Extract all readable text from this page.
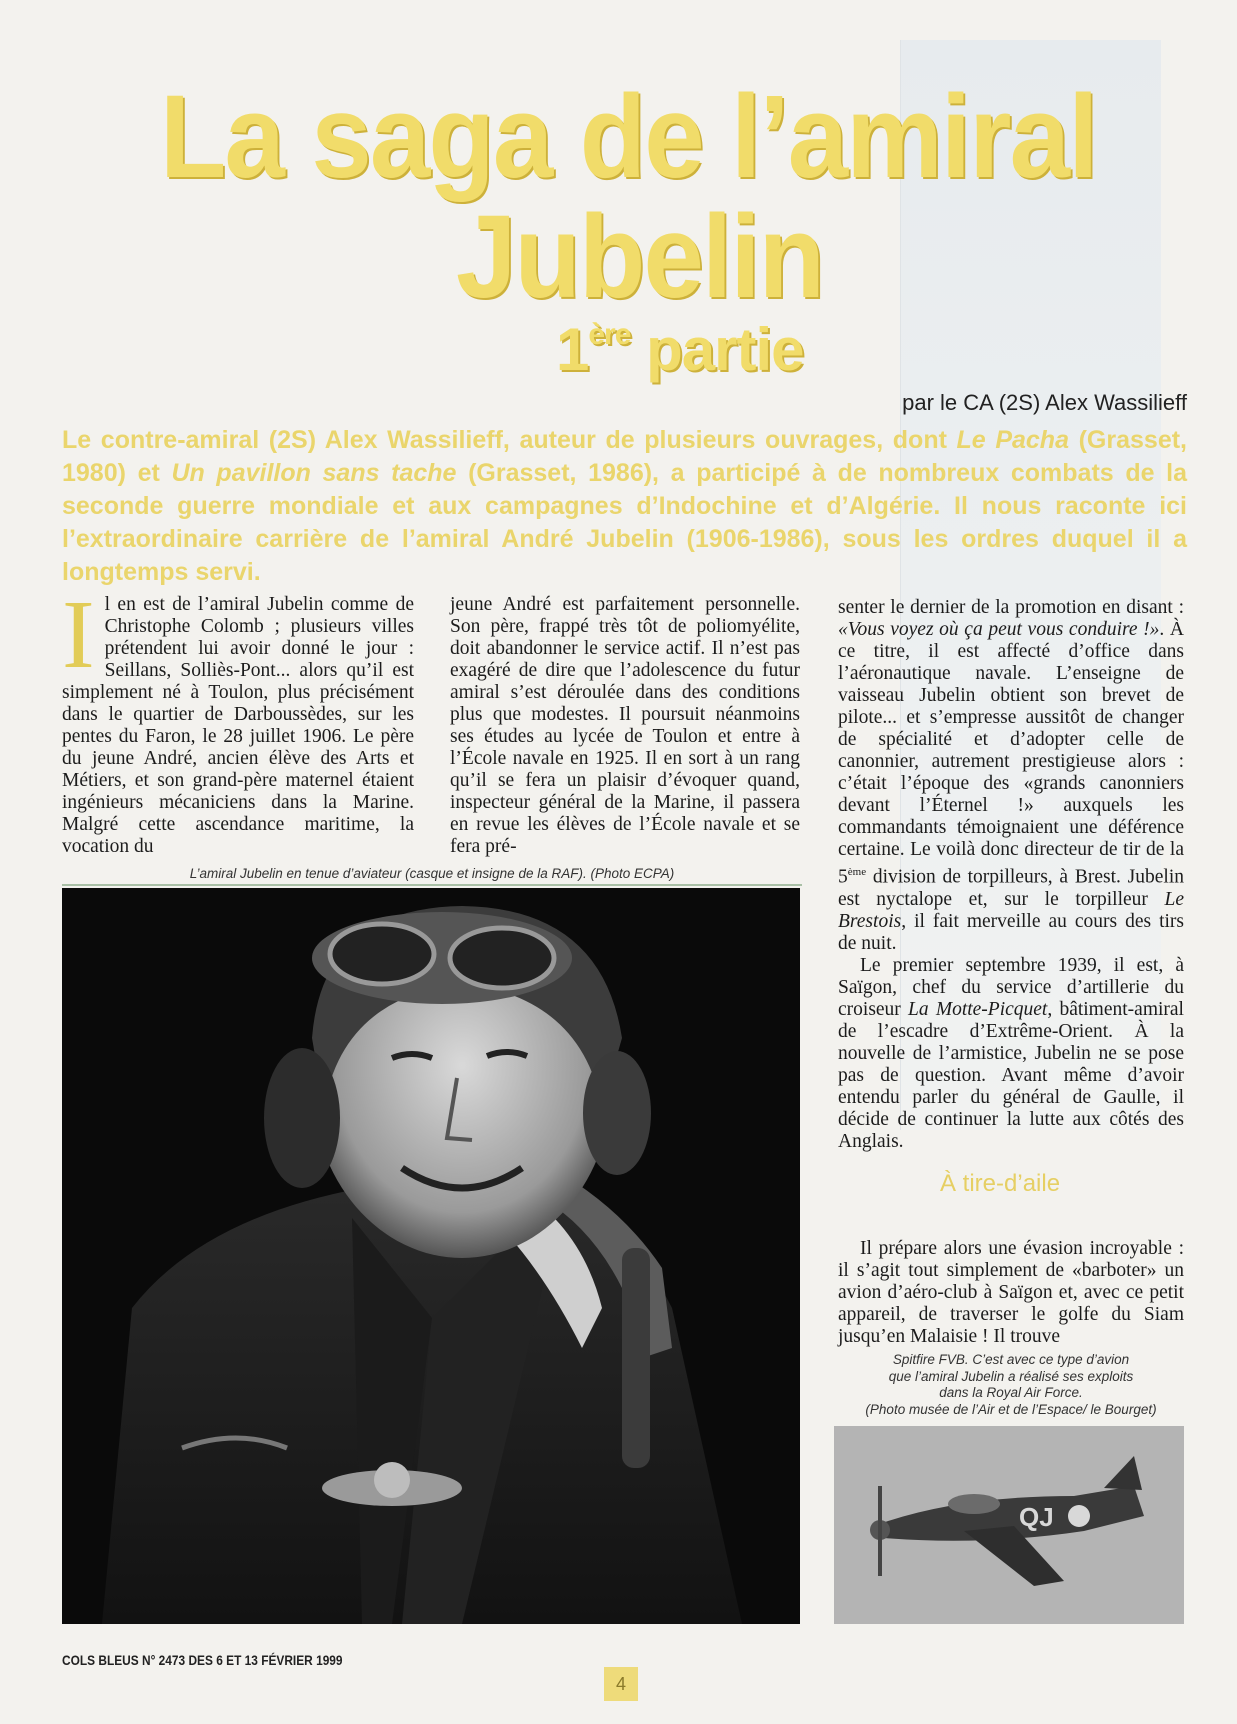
La saga de l’amiral
Jubelin
1ère partie
par le CA (2S) Alex Wassilieff

Le contre-amiral (2S) Alex Wassilieff, auteur de plusieurs ouvrages, dont Le Pacha (Grasset, 1980) et Un pavillon sans tache (Grasset, 1986), a participé à de nombreux combats de la seconde guerre mondiale et aux campagnes d’Indochine et d’Algérie. Il nous raconte ici l’extraordinaire carrière de l’amiral André Jubelin (1906-1986), sous les ordres duquel il a longtemps servi.

Il en est de l’amiral Jubelin comme de Christophe Colomb ; plusieurs villes prétendent lui avoir donné le jour : Seillans, Solliès-Pont... alors qu’il est simplement né à Toulon, plus précisément dans le quartier de Darboussèdes, sur les pentes du Faron, le 28 juillet 1906. Le père du jeune André, ancien élève des Arts et Métiers, et son grand-père maternel étaient ingénieurs mécaniciens dans la Marine. Malgré cette ascendance maritime, la vocation du

jeune André est parfaitement personnelle. Son père, frappé très tôt de poliomyélite, doit abandonner le service actif. Il n’est pas exagéré de dire que l’adolescence du futur amiral s’est déroulée dans des conditions plus que modestes. Il poursuit néanmoins ses études au lycée de Toulon et entre à l’École navale en 1925. Il en sort à un rang qu’il se fera un plaisir d’évoquer quand, inspecteur général de la Marine, il passera en revue les élèves de l’École navale et se fera pré-

senter le dernier de la promotion en disant : «Vous voyez où ça peut vous conduire !». À ce titre, il est affecté d’office dans l’aéronautique navale. L’enseigne de vaisseau Jubelin obtient son brevet de pilote... et s’empresse aussitôt de changer de spécialité et d’adopter celle de canonnier, autrement prestigieuse alors : c’était l’époque des «grands canonniers devant l’Éternel !» auxquels les commandants témoignaient une déférence certaine. Le voilà donc directeur de tir de la 5ème division de torpilleurs, à Brest. Jubelin est nyctalope et, sur le torpilleur Le Brestois, il fait merveille au cours des tirs de nuit.

Le premier septembre 1939, il est, à Saïgon, chef du service d’artillerie du croiseur La Motte-Picquet, bâtiment-amiral de l’escadre d’Extrême-Orient. À la nouvelle de l’armistice, Jubelin ne se pose pas de question. Avant même d’avoir entendu parler du général de Gaulle, il décide de continuer la lutte aux côtés des Anglais.

À tire-d’aile

Il prépare alors une évasion incroyable : il s’agit tout simplement de «barboter» un avion d’aéro-club à Saïgon et, avec ce petit appareil, de traverser le golfe du Siam jusqu’en Malaisie ! Il trouve

L’amiral Jubelin en tenue d’aviateur (casque et insigne de la RAF). (Photo ECPA)
Spitfire FVB. C’est avec ce type d’avion
que l’amiral Jubelin a réalisé ses exploits
dans la Royal Air Force.
(Photo musée de l’Air et de l’Espace/ le Bourget)
QJ
COLS BLEUS N° 2473 DES 6 ET 13 FÉVRIER 1999
4
